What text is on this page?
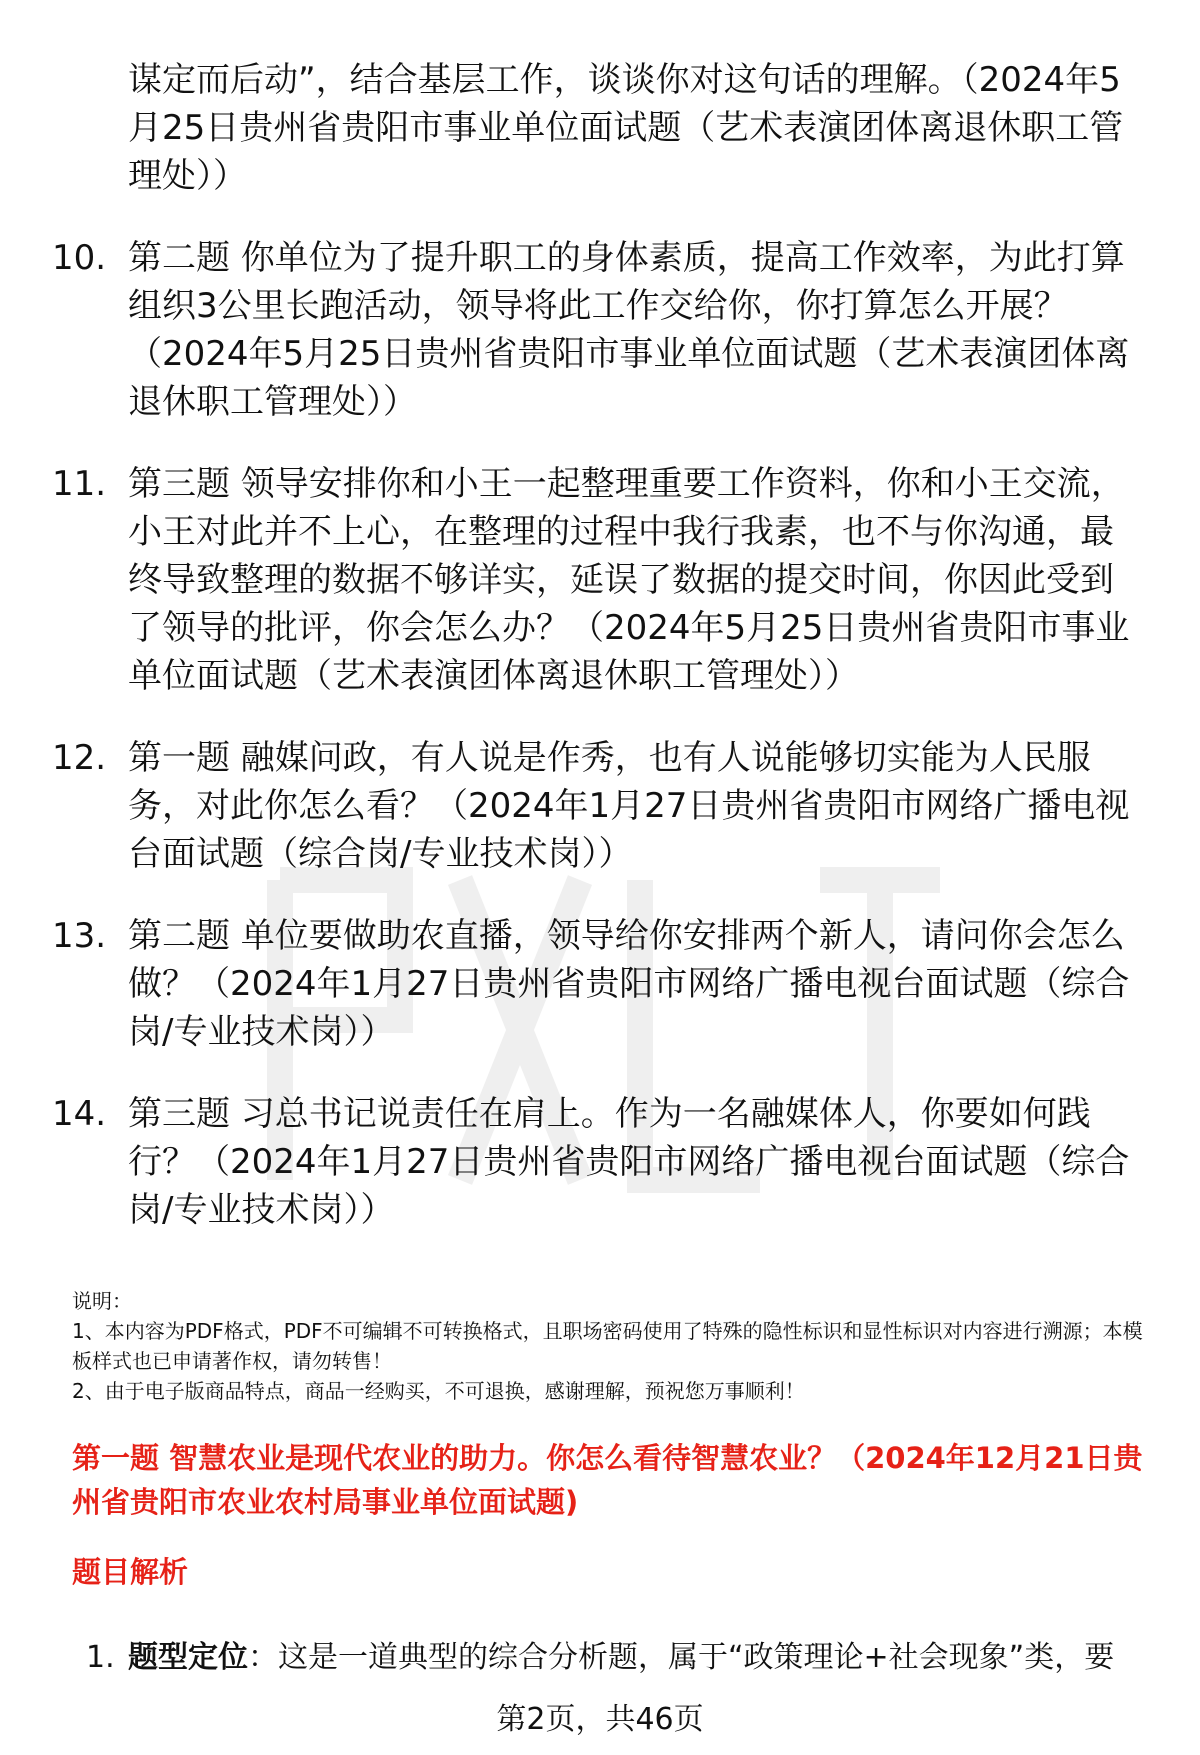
谋定而后动”，结合基层工作，谈谈你对这句话的理解。（2024年5月25日贵州省贵阳市事业单位面试题（艺术表演团体离退休职工管理处））
10. 第二题 你单位为了提升职工的身体素质，提高工作效率，为此打算组织3公里长跑活动，领导将此工作交给你，你打算怎么开展？（2024年5月25日贵州省贵阳市事业单位面试题（艺术表演团体离退休职工管理处））
11. 第三题 领导安排你和小王一起整理重要工作资料，你和小王交流，小王对此并不上心，在整理的过程中我行我素，也不与你沟通，最终导致整理的数据不够详实，延误了数据的提交时间，你因此受到了领导的批评，你会怎么办？（2024年5月25日贵州省贵阳市事业单位面试题（艺术表演团体离退休职工管理处））
12. 第一题 融媒问政，有人说是作秀，也有人说能够切实能为人民服务，对此你怎么看？（2024年1月27日贵州省贵阳市网络广播电视台面试题（综合岗/专业技术岗））
13. 第二题 单位要做助农直播，领导给你安排两个新人，请问你会怎么做？（2024年1月27日贵州省贵阳市网络广播电视台面试题（综合岗/专业技术岗））
14. 第三题 习总书记说责任在肩上。作为一名融媒体人，你要如何践行？（2024年1月27日贵州省贵阳市网络广播电视台面试题（综合岗/专业技术岗））

说明：

1、本内容为PDF格式，PDF不可编辑不可转换格式，且职场密码使用了特殊的隐性标识和显性标识对内容进行溯源；本模板样式也已申请著作权，请勿转售！

2、由于电子版商品特点，商品一经购买，不可退换，感谢理解，预祝您万事顺利！

第一题 智慧农业是现代农业的助力。你怎么看待智慧农业？（2024年12月21日贵州省贵阳市农业农村局事业单位面试题)
题目解析
1. 题型定位：这是一道典型的综合分析题，属于“政策理论+社会现象”类，要
第2页，共46页
